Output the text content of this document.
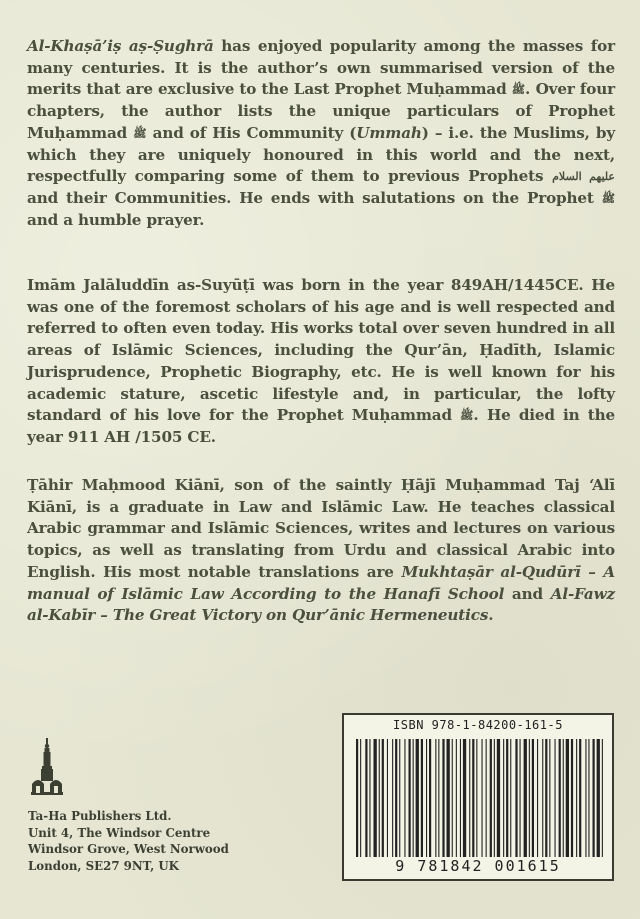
Al-Khaṣā’iṣ aṣ-Ṣughrā has enjoyed popularity among the masses for many centuries. It is the author’s own summarised version of the merits that are exclusive to the Last Prophet Muḥammad ﷺ. Over four chapters, the author lists the unique particulars of Prophet Muḥammad ﷺ and of His Community (Ummah) – i.e. the Muslims, by which they are uniquely honoured in this world and the next, respectfully comparing some of them to previous Prophets عليهم السلام and their Communities. He ends with salutations on the Prophet ﷺ and a humble prayer.

Imām Jalāluddīn as-Suyūṭī was born in the year 849AH/1445CE. He was one of the foremost scholars of his age and is well respected and referred to often even today. His works total over seven hundred in all areas of Islāmic Sciences, including the Qur’ān, Ḥadīth, Islamic Jurisprudence, Prophetic Biography, etc. He is well known for his academic stature, ascetic lifestyle and, in particular, the lofty standard of his love for the Prophet Muḥammad ﷺ. He died in the year 911 AH /1505 CE.

Ṭāhir Maḥmood Kiānī, son of the saintly Ḥājī Muḥammad Taj ‘Alī Kiānī, is a graduate in Law and Islāmic Law. He teaches classical Arabic grammar and Islāmic Sciences, writes and lectures on various topics, as well as translating from Urdu and classical Arabic into English. His most notable translations are Mukhtaṣār al-Qudūrī – A manual of Islāmic Law According to the Hanafī School and Al-Fawz al-Kabīr – The Great Victory on Qur’ānic Hermeneutics.

ISBN 978-1-84200-161-5
9 781842 001615

Ta-Ha Publishers Ltd.
Unit 4, The Windsor Centre
Windsor Grove, West Norwood
London, SE27 9NT, UK
